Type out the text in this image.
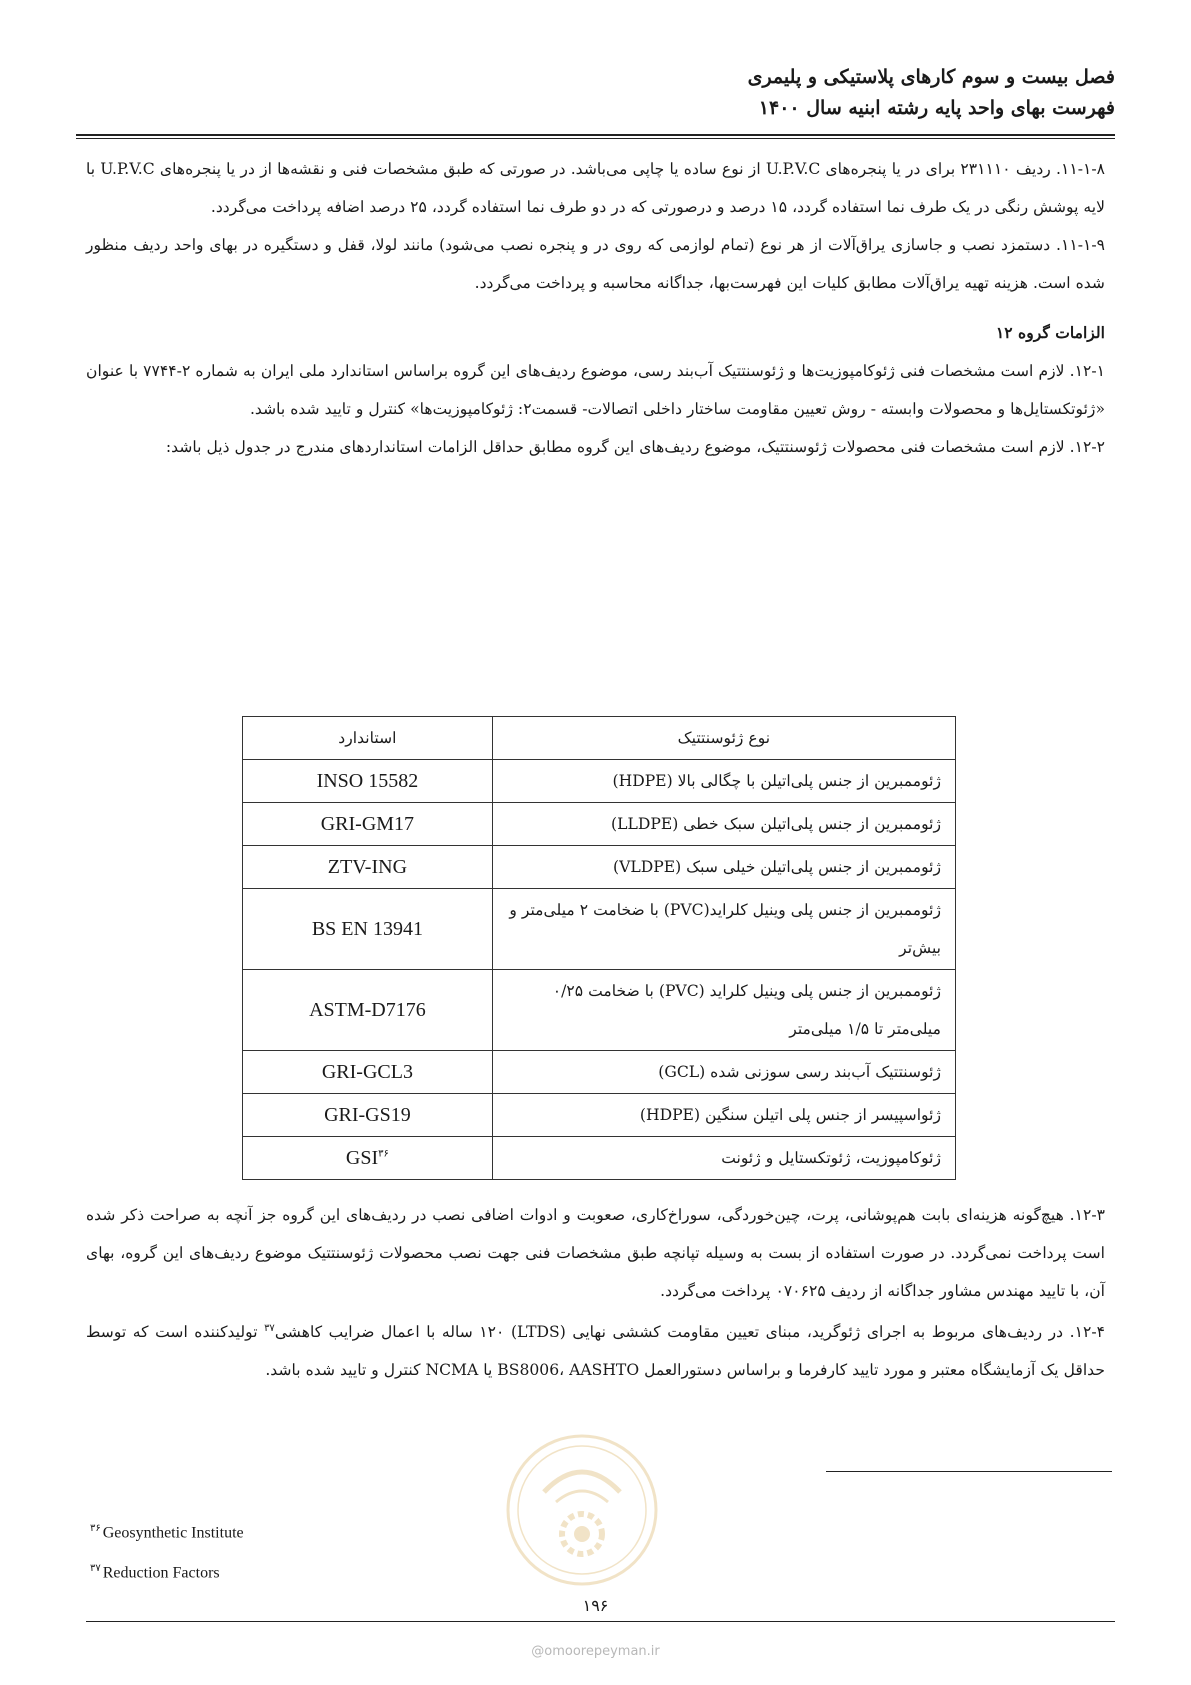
فصل بیست و سوم کارهای پلاستیکی و پلیمری
فهرست بهای واحد پایه رشته ابنیه سال ۱۴۰۰

۱۱-۱-۸. ردیف ۲۳۱۱۱۰ برای در یا پنجره‌های U.P.V.C از نوع ساده یا چاپی می‌باشد. در صورتی که طبق مشخصات فنی و نقشه‌ها از در یا پنجره‌های U.P.V.C با لایه پوشش رنگی در یک طرف نما استفاده گردد، ۱۵ درصد و درصورتی که در دو طرف نما استفاده گردد، ۲۵ درصد اضافه پرداخت می‌گردد.

۱۱-۱-۹. دستمزد نصب و جاسازی یراق‌آلات از هر نوع (تمام لوازمی که روی در و پنجره نصب می‌شود) مانند لولا، قفل و دستگیره در بهای واحد ردیف منظور شده است. هزینه تهیه یراق‌آلات مطابق کلیات این فهرست‌بها، جداگانه محاسبه و پرداخت می‌گردد.

الزامات گروه ۱۲

۱۲-۱. لازم است مشخصات فنی ژئوکامپوزیت‌ها و ژئوسنتتیک آب‌بند رسی، موضوع ردیف‌های این گروه براساس استاندارد ملی ایران به شماره ۲-۷۷۴۴ با عنوان «ژئوتکستایل‌ها و محصولات وابسته - روش تعیین مقاومت ساختار داخلی اتصالات- قسمت۲: ژئوکامپوزیت‌ها» کنترل و تایید شده باشد.

۱۲-۲. لازم است مشخصات فنی محصولات ژئوسنتتیک، موضوع ردیف‌های این گروه مطابق حداقل الزامات استانداردهای مندرج در جدول ذیل باشد:

استاندارد	نوع ژئوسنتتیک
INSO 15582	ژئوممبرین از جنس پلی‌اتیلن با چگالی بالا (HDPE)
GRI-GM17	ژئوممبرین از جنس پلی‌اتیلن سبک خطی (LLDPE)
ZTV-ING	ژئوممبرین از جنس پلی‌اتیلن خیلی سبک (VLDPE)
BS EN 13941	ژئوممبرین از جنس پلی وینیل کلراید(PVC) با ضخامت ۲ میلی‌متر و بیش‌تر
ASTM-D7176	ژئوممبرین از جنس پلی وینیل کلراید (PVC) با ضخامت ۰/۲۵ میلی‌متر تا ۱/۵ میلی‌متر
GRI-GCL3	ژئوسنتتیک آب‌بند رسی سوزنی شده (GCL)
GRI-GS19	ژئواسپیسر از جنس پلی اتیلن سنگین (HDPE)
GSI$^{۳۶}$	ژئوکامپوزیت، ژئوتکستایل و ژئونت

۱۲-۳. هیچ‌گونه هزینه‌ای بابت هم‌پوشانی، پرت، چین‌خوردگی، سوراخ‌کاری، صعوبت و ادوات اضافی نصب در ردیف‌های این گروه جز آنچه به صراحت ذکر شده است پرداخت نمی‌گردد. در صورت استفاده از بست به وسیله تپانچه طبق مشخصات فنی جهت نصب محصولات ژئوسنتتیک موضوع ردیف‌های این گروه، بهای آن، با تایید مهندس مشاور جداگانه از ردیف ۰۷۰۶۲۵ پرداخت می‌گردد.

۱۲-۴. در ردیف‌های مربوط به اجرای ژئوگرید، مبنای تعیین مقاومت کششی نهایی (LTDS) ۱۲۰ ساله با اعمال ضرایب کاهشی$^{۳۷}$ تولیدکننده است که توسط حداقل یک آزمایشگاه معتبر و مورد تایید کارفرما و براساس دستورالعمل BS8006، AASHTO یا NCMA کنترل و تایید شده باشد.

$^{۳۶}$ Geosynthetic Institute
$^{۳۷}$ Reduction Factors
۱۹۶
@omoorepeyman.ir
